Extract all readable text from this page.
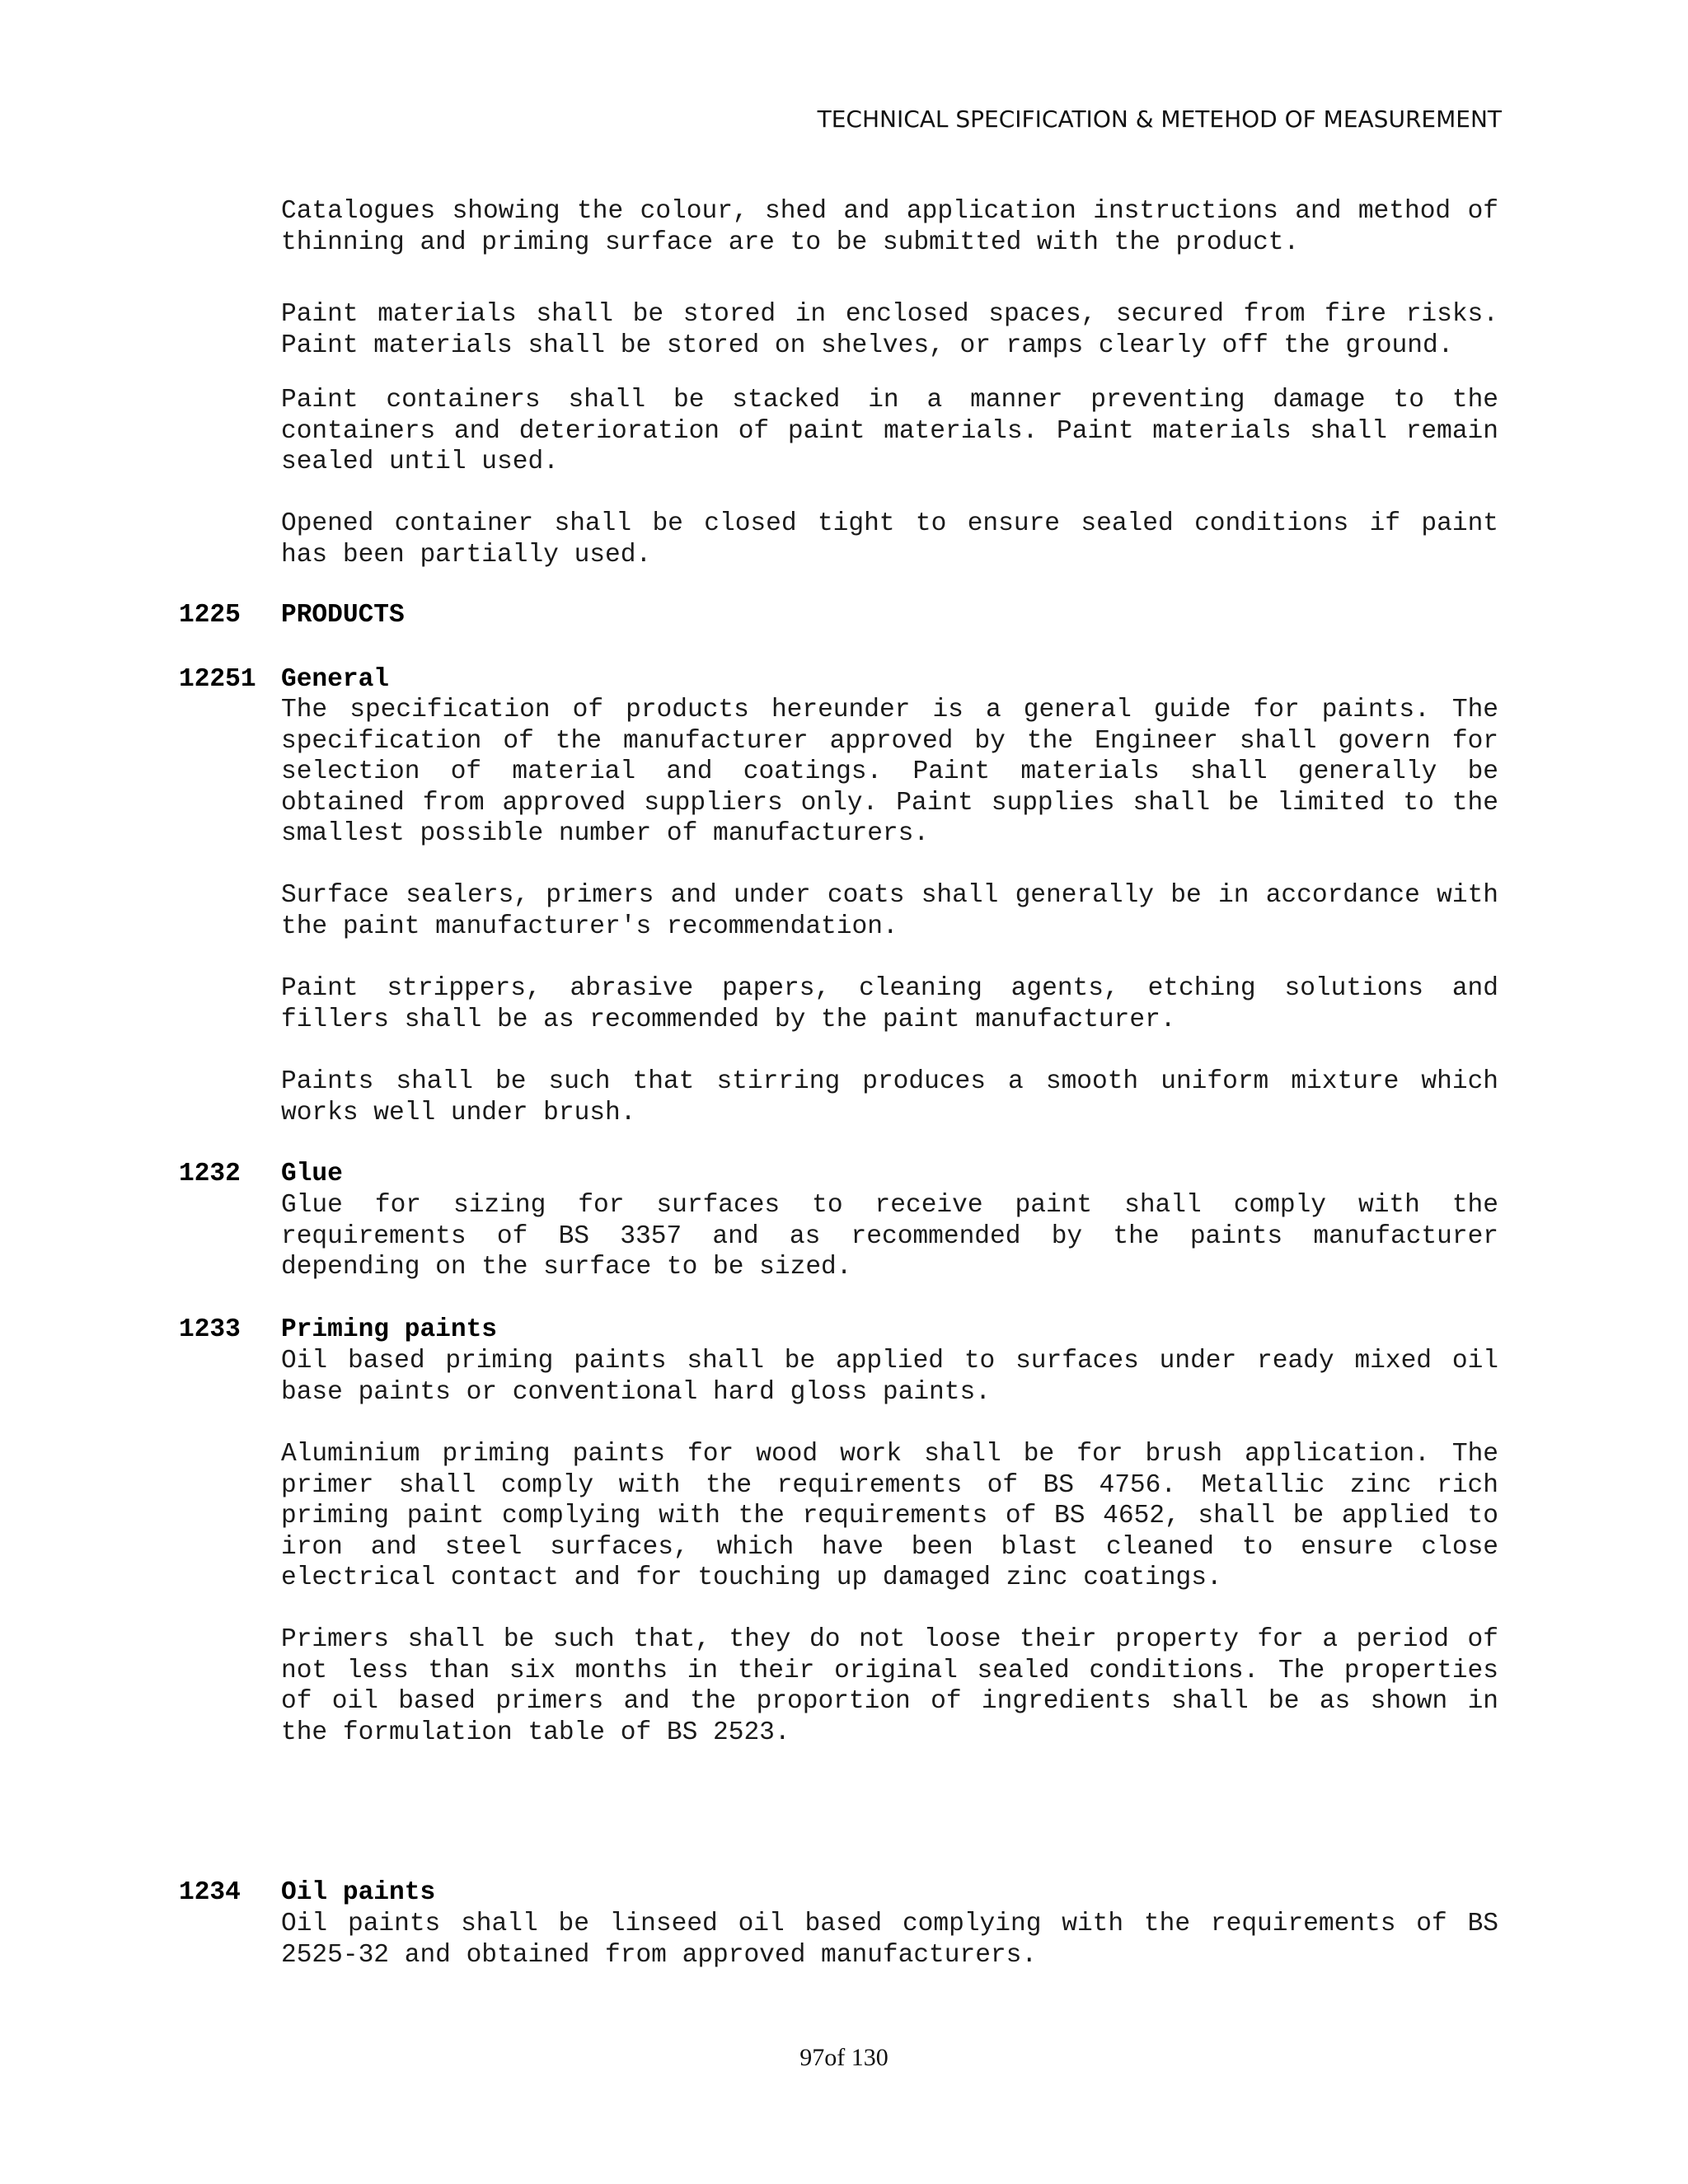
TECHNICAL SPECIFICATION & METEHOD OF MEASUREMENT

Catalogues showing the colour, shed and application instructions and method of thinning and priming surface are to be submitted with the product.

Paint materials shall be stored in enclosed spaces, secured from fire risks. Paint materials shall be stored on shelves, or ramps clearly off the ground.

Paint containers shall be stacked in a manner preventing damage to the containers and deterioration of paint materials. Paint materials shall remain sealed until used.

Opened container shall be closed tight to ensure sealed conditions if paint has been partially used.

1225 PRODUCTS
12251 General

The specification of products hereunder is a general guide for paints. The specification of the manufacturer approved by the Engineer shall govern for selection of material and coatings. Paint materials shall generally be obtained from approved suppliers only. Paint supplies shall be limited to the smallest possible number of manufacturers.

Surface sealers, primers and under coats shall generally be in accordance with the paint manufacturer's recommendation.

Paint strippers, abrasive papers, cleaning agents, etching solutions and fillers shall be as recommended by the paint manufacturer.

Paints shall be such that stirring produces a smooth uniform mixture which works well under brush.

1232 Glue

Glue for sizing for surfaces to receive paint shall comply with the requirements of BS 3357 and as recommended by the paints manufacturer depending on the surface to be sized.

1233 Priming paints

Oil based priming paints shall be applied to surfaces under ready mixed oil base paints or conventional hard gloss paints.

Aluminium priming paints for wood work shall be for brush application. The primer shall comply with the requirements of BS 4756. Metallic zinc rich priming paint complying with the requirements of BS 4652, shall be applied to iron and steel surfaces, which have been blast cleaned to ensure close electrical contact and for touching up damaged zinc coatings.

Primers shall be such that, they do not loose their property for a period of not less than six months in their original sealed conditions. The properties of oil based primers and the proportion of ingredients shall be as shown in the formulation table of BS 2523.

1234 Oil paints

Oil paints shall be linseed oil based complying with the requirements of BS 2525-32 and obtained from approved manufacturers.

97of 130
